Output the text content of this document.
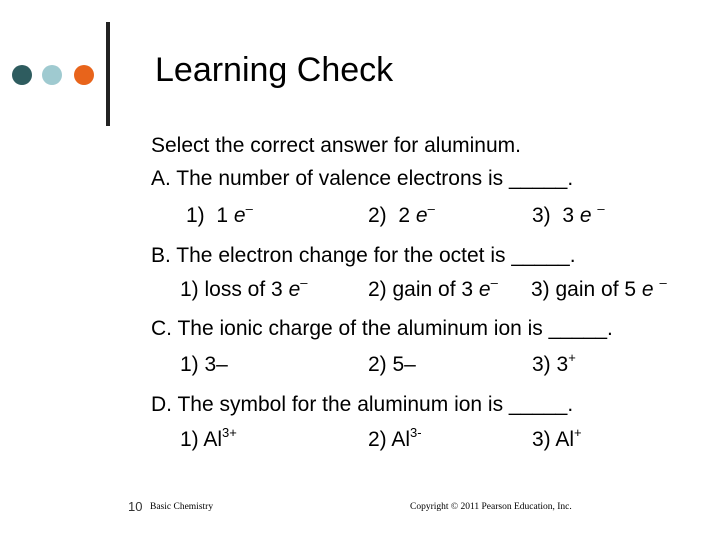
Learning Check
Select the correct answer for aluminum.
A. The number of valence electrons is _____.
1) 1 e–	2) 2 e–	3) 3 e –
B. The electron change for the octet is _____.
1) loss of 3 e–	2) gain of 3 e– 3) gain of 5 e –
C. The ionic charge of the aluminum ion is _____.
1) 3–	2) 5–	3) 3+
D. The symbol for the aluminum ion is _____.
1) $Al^{3+}$	2) $Al^{3-}$	3) Al+
10 Basic Chemistry	Copyright © 2011 Pearson Education, Inc.
